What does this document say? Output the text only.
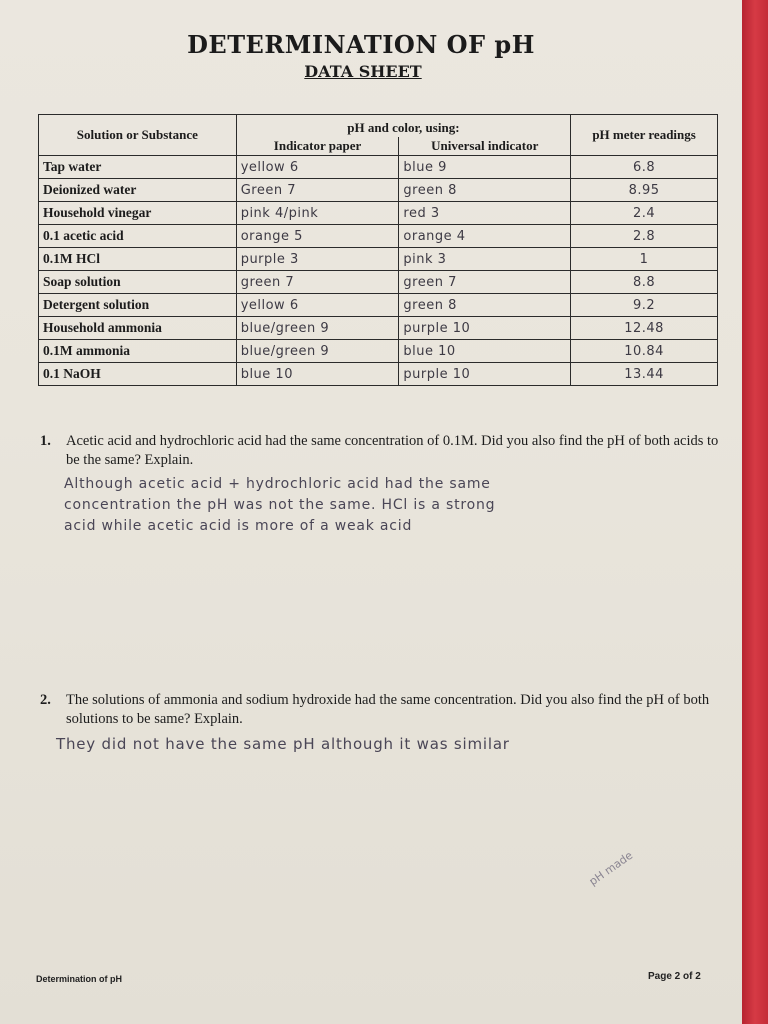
DETERMINATION OF pH
DATA SHEET
Solution or Substance	pH and color, using:		pH meter readings
	Indicator paper	Universal indicator	
Tap water	yellow 6	blue 9	6.8
Deionized water	Green 7	green 8	8.95
Household vinegar	pink 4/pink	red 3	2.4
0.1 acetic acid	orange 5	orange 4	2.8
0.1M HCl	purple 3	pink 3	1
Soap solution	green 7	green 7	8.8
Detergent solution	yellow 6	green 8	9.2
Household ammonia	blue/green 9	purple 10	12.48
0.1M ammonia	blue/green 9	blue 10	10.84
0.1 NaOH	blue 10	purple 10	13.44
1. Acetic acid and hydrochloric acid had the same concentration of 0.1M. Did you also find the pH of both acids to be the same? Explain.
Although acetic acid + hydrochloric acid had the same
concentration the pH was not the same. HCl is a strong
acid while acetic acid is more of a weak acid
2. The solutions of ammonia and sodium hydroxide had the same concentration. Did you also find the pH of both solutions to be same? Explain.
They did not have the same pH although it was similar
pH made
Determination of pH	Page 2 of 2
